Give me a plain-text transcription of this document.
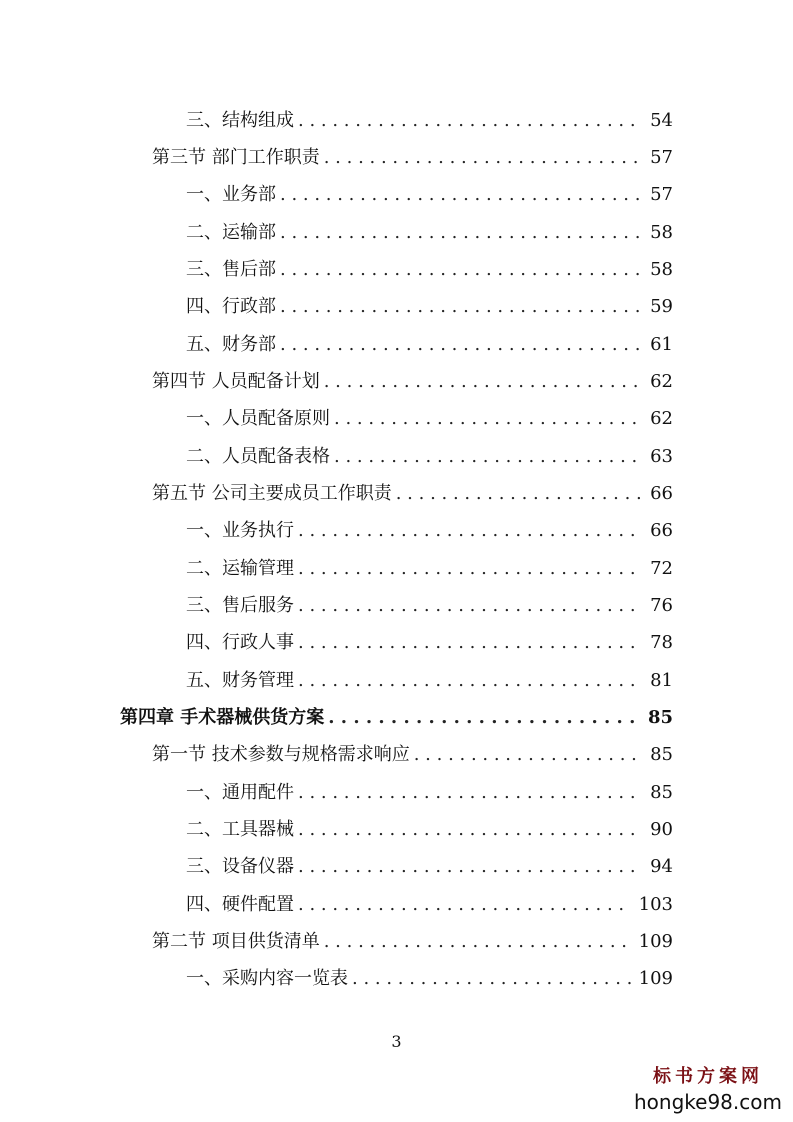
三、结构组成 . . .	54
第三节 部门工作职责 . . .	57
一、业务部 . . .	57
二、运输部 . . .	58
三、售后部 . . .	58
四、行政部 . . .	59
五、财务部 . . .	61
第四节 人员配备计划 . . .	62
一、人员配备原则 . . .	62
二、人员配备表格 . . .	63
第五节 公司主要成员工作职责 . . .	66
一、业务执行 . . .	66
二、运输管理 . . .	72
三、售后服务 . . .	76
四、行政人事 . . .	78
五、财务管理 . . .	81
第四章 手术器械供货方案 . . .	85
第一节 技术参数与规格需求响应 . . .	85
一、通用配件 . . .	85
二、工具器械 . . .	90
三、设备仪器 . . .	94
四、硬件配置 . . .	103
第二节 项目供货清单 . . .	109
一、采购内容一览表 . . .	109
3
标书方案网
hongke98.com
